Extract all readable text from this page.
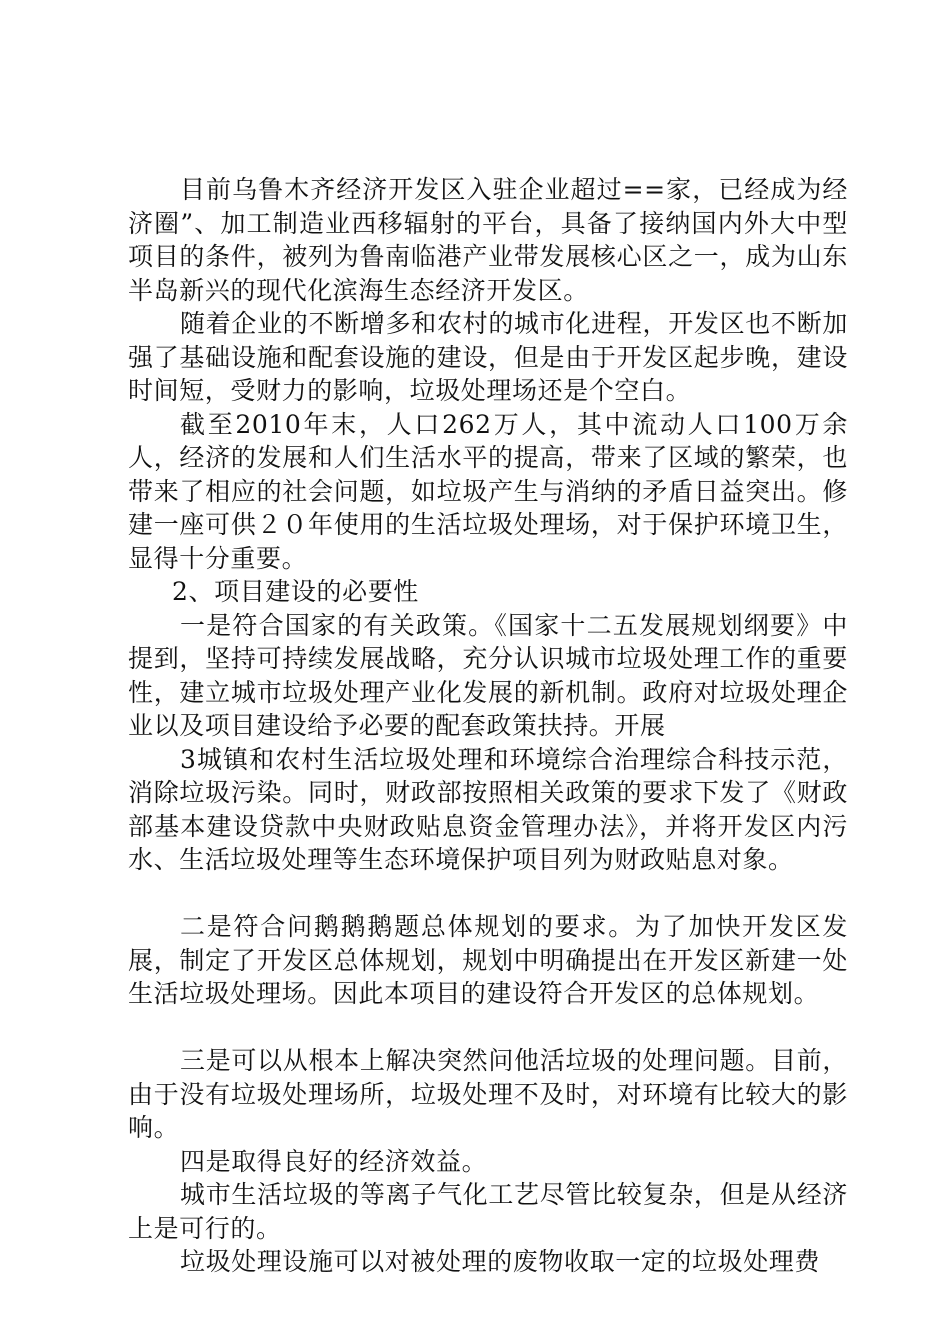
目前乌鲁木齐经济开发区入驻企业超过==家，已经成为经济圈”、加工制造业西移辐射的平台，具备了接纳国内外大中型项目的条件，被列为鲁南临港产业带发展核心区之一，成为山东半岛新兴的现代化滨海生态经济开发区。

随着企业的不断增多和农村的城市化进程，开发区也不断加强了基础设施和配套设施的建设，但是由于开发区起步晚，建设时间短，受财力的影响，垃圾处理场还是个空白。

截至2010年末，人口262万人，其中流动人口100万余人，经济的发展和人们生活水平的提高，带来了区域的繁荣，也带来了相应的社会问题，如垃圾产生与消纳的矛盾日益突出。修建一座可供２０年使用的生活垃圾处理场，对于保护环境卫生，显得十分重要。

2、项目建设的必要性

一是符合国家的有关政策。《国家十二五发展规划纲要》中提到，坚持可持续发展战略，充分认识城市垃圾处理工作的重要性，建立城市垃圾处理产业化发展的新机制。政府对垃圾处理企业以及项目建设给予必要的配套政策扶持。开展

3城镇和农村生活垃圾处理和环境综合治理综合科技示范，消除垃圾污染。同时，财政部按照相关政策的要求下发了《财政部基本建设贷款中央财政贴息资金管理办法》，并将开发区内污水、生活垃圾处理等生态环境保护项目列为财政贴息对象。

二是符合问鹅鹅鹅题总体规划的要求。为了加快开发区发展，制定了开发区总体规划，规划中明确提出在开发区新建一处生活垃圾处理场。因此本项目的建设符合开发区的总体规划。

三是可以从根本上解决突然问他活垃圾的处理问题。目前，由于没有垃圾处理场所，垃圾处理不及时，对环境有比较大的影响。

四是取得良好的经济效益。

城市生活垃圾的等离子气化工艺尽管比较复杂，但是从经济上是可行的。

垃圾处理设施可以对被处理的废物收取一定的垃圾处理费
